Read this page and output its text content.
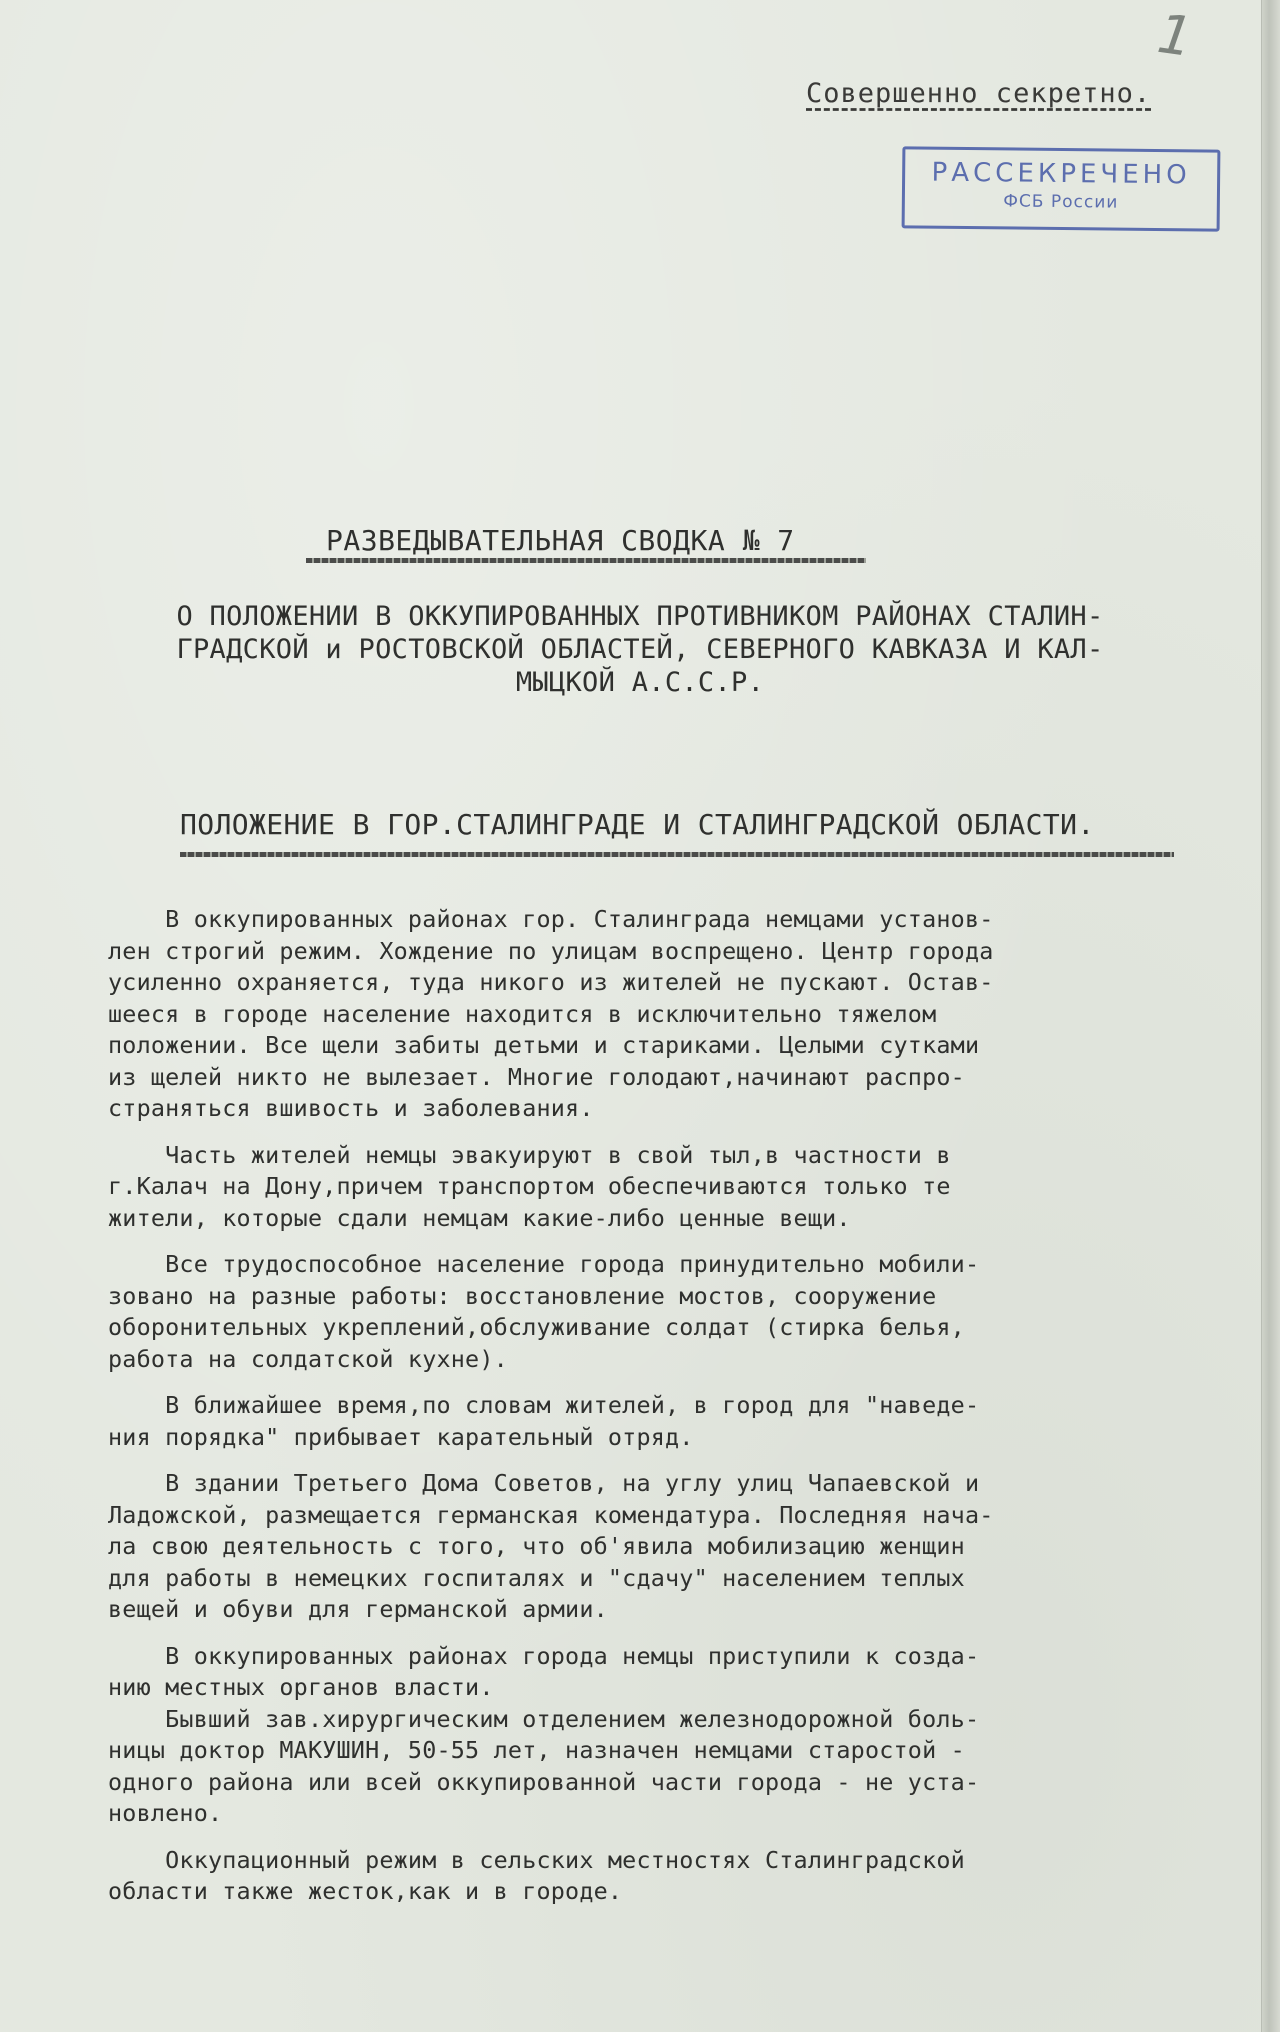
1
Совершенно секретно.
РАССЕКРЕЧЕНО
ФСБ России
РАЗВЕДЫВАТЕЛЬНАЯ СВОДКА № 7
О ПОЛОЖЕНИИ В ОККУПИРОВАННЫХ ПРОТИВНИКОМ РАЙОНАХ СТАЛИН-
ГРАДСКОЙ и РОСТОВСКОЙ ОБЛАСТЕЙ, СЕВЕРНОГО КАВКАЗА И КАЛ-
МЫЦКОЙ А.С.С.Р.
ПОЛОЖЕНИЕ В ГОР.СТАЛИНГРАДЕ И СТАЛИНГРАДСКОЙ ОБЛАСТИ.
В оккупированных районах гор. Сталинграда немцами установ-
лен строгий режим. Хождение по улицам воспрещено. Центр города
усиленно охраняется, туда никого из жителей не пускают. Остав-
шееся в городе население находится в исключительно тяжелом
положении. Все щели забиты детьми и стариками. Целыми сутками
из щелей никто не вылезает. Многие голодают,начинают распро-
страняться вшивость и заболевания.
Часть жителей немцы эвакуируют в свой тыл,в частности в
г.Калач на Дону,причем транспортом обеспечиваются только те
жители, которые сдали немцам какие-либо ценные вещи.
Все трудоспособное население города принудительно мобили-
зовано на разные работы: восстановление мостов, сооружение
оборонительных укреплений,обслуживание солдат (стирка белья,
работа на солдатской кухне).
В ближайшее время,по словам жителей, в город для "наведе-
ния порядка" прибывает карательный отряд.
В здании Третьего Дома Советов, на углу улиц Чапаевской и
Ладожской, размещается германская комендатура. Последняя нача-
ла свою деятельность с того, что об'явила мобилизацию женщин
для работы в немецких госпиталях и "сдачу" населением теплых
вещей и обуви для германской армии.
В оккупированных районах города немцы приступили к созда-
нию местных органов власти.
Бывший зав.хирургическим отделением железнодорожной боль-
ницы доктор МАКУШИН, 50-55 лет, назначен немцами старостой -
одного района или всей оккупированной части города - не уста-
новлено.
Оккупационный режим в сельских местностях Сталинградской
области также жесток,как и в городе.
